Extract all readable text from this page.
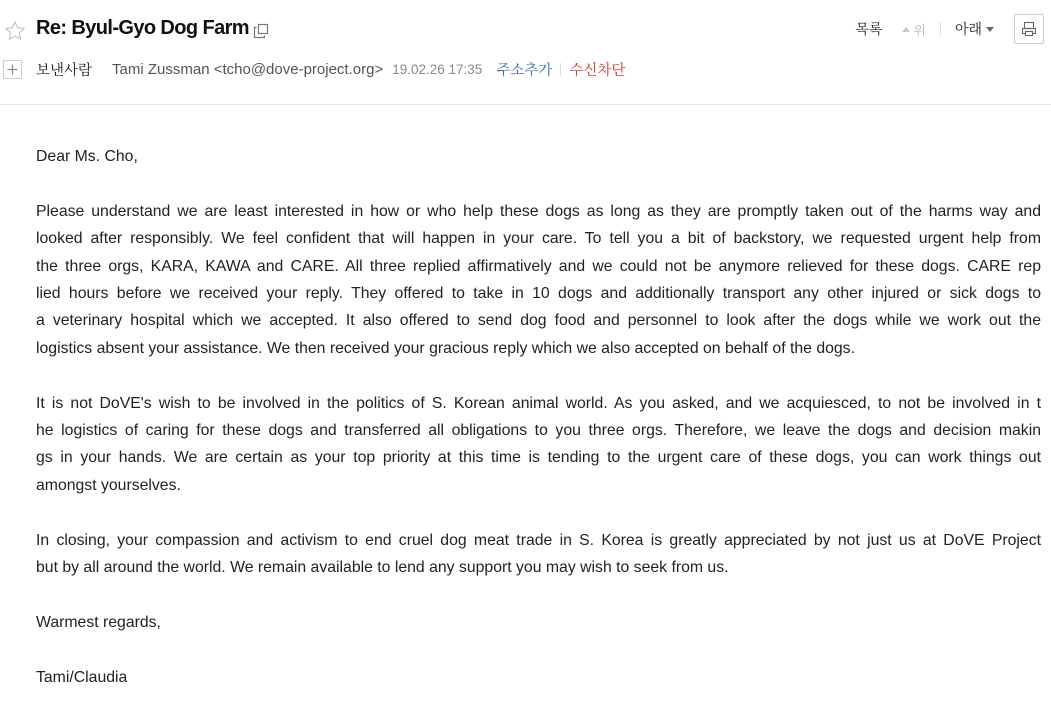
Re: Byul-Gyo Dog Farm	목록 위 아래
보낸사람 Tami Zussman <tcho@dove-project.org> 19.02.26 17:35 주소추가 수신차단

Dear Ms. Cho,

Please understand we are least interested in how or who help these dogs as long as they are promptly taken out of the harms way and
looked after responsibly. We feel confident that will happen in your care. To tell you a bit of backstory, we requested urgent help from
the three orgs, KARA, KAWA and CARE. All three replied affirmatively and we could not be anymore relieved for these dogs. CARE rep
lied hours before we received your reply. They offered to take in 10 dogs and additionally transport any other injured or sick dogs to
a veterinary hospital which we accepted. It also offered to send dog food and personnel to look after the dogs while we work out the
logistics absent your assistance. We then received your gracious reply which we also accepted on behalf of the dogs.

It is not DoVE's wish to be involved in the politics of S. Korean animal world. As you asked, and we acquiesced, to not be involved in t
he logistics of caring for these dogs and transferred all obligations to you three orgs. Therefore, we leave the dogs and decision makin
gs in your hands. We are certain as your top priority at this time is tending to the urgent care of these dogs, you can work things out
amongst yourselves.

In closing, your compassion and activism to end cruel dog meat trade in S. Korea is greatly appreciated by not just us at DoVE Project
but by all around the world. We remain available to lend any support you may wish to seek from us.

Warmest regards,

Tami/Claudia
